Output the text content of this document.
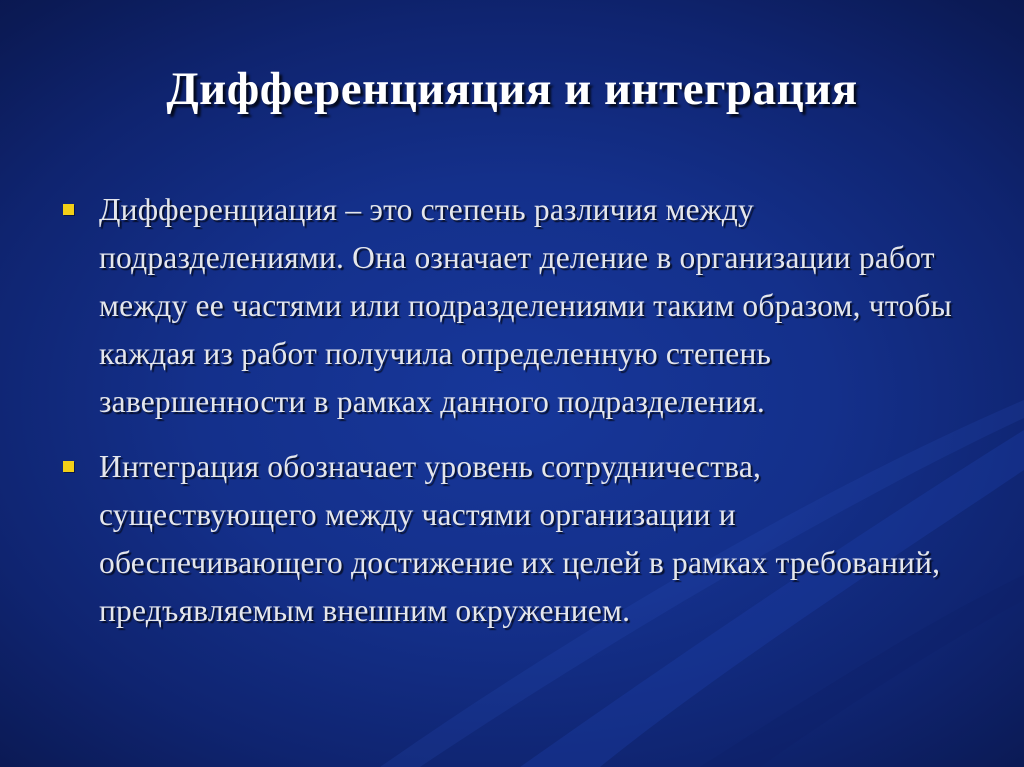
Дифференцияция и интеграция

Дифференциация – это степень различия между подразделениями. Она означает деление в организации работ между ее частями или подразделениями таким образом, чтобы каждая из работ получила определенную степень завершенности в рамках данного подразделения.

Интеграция обозначает уровень сотрудничества, существующего между частями организации и обеспечивающего достижение их целей в рамках требований, предъявляемым внешним окружением.
